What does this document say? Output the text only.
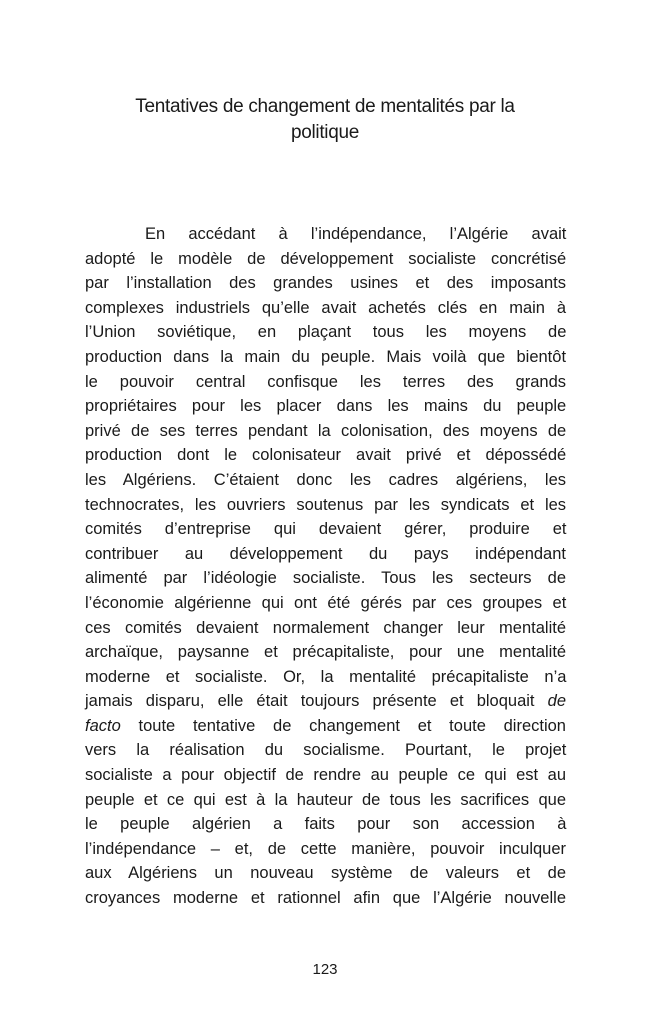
Tentatives de changement de mentalités par la
politique

En accédant à l’indépendance, l’Algérie avait
adopté le modèle de développement socialiste concrétisé
par l’installation des grandes usines et des imposants
complexes industriels qu’elle avait achetés clés en main à
l’Union soviétique, en plaçant tous les moyens de
production dans la main du peuple. Mais voilà que bientôt
le pouvoir central confisque les terres des grands
propriétaires pour les placer dans les mains du peuple
privé de ses terres pendant la colonisation, des moyens de
production dont le colonisateur avait privé et dépossédé
les Algériens. C’étaient donc les cadres algériens, les
technocrates, les ouvriers soutenus par les syndicats et les
comités d’entreprise qui devaient gérer, produire et
contribuer au développement du pays indépendant
alimenté par l’idéologie socialiste. Tous les secteurs de
l’économie algérienne qui ont été gérés par ces groupes et
ces comités devaient normalement changer leur mentalité
archaïque, paysanne et précapitaliste, pour une mentalité
moderne et socialiste. Or, la mentalité précapitaliste n’a
jamais disparu, elle était toujours présente et bloquait de
facto toute tentative de changement et toute direction
vers la réalisation du socialisme. Pourtant, le projet
socialiste a pour objectif de rendre au peuple ce qui est au
peuple et ce qui est à la hauteur de tous les sacrifices que
le peuple algérien a faits pour son accession à
l’indépendance – et, de cette manière, pouvoir inculquer
aux Algériens un nouveau système de valeurs et de
croyances moderne et rationnel afin que l’Algérie nouvelle

123
